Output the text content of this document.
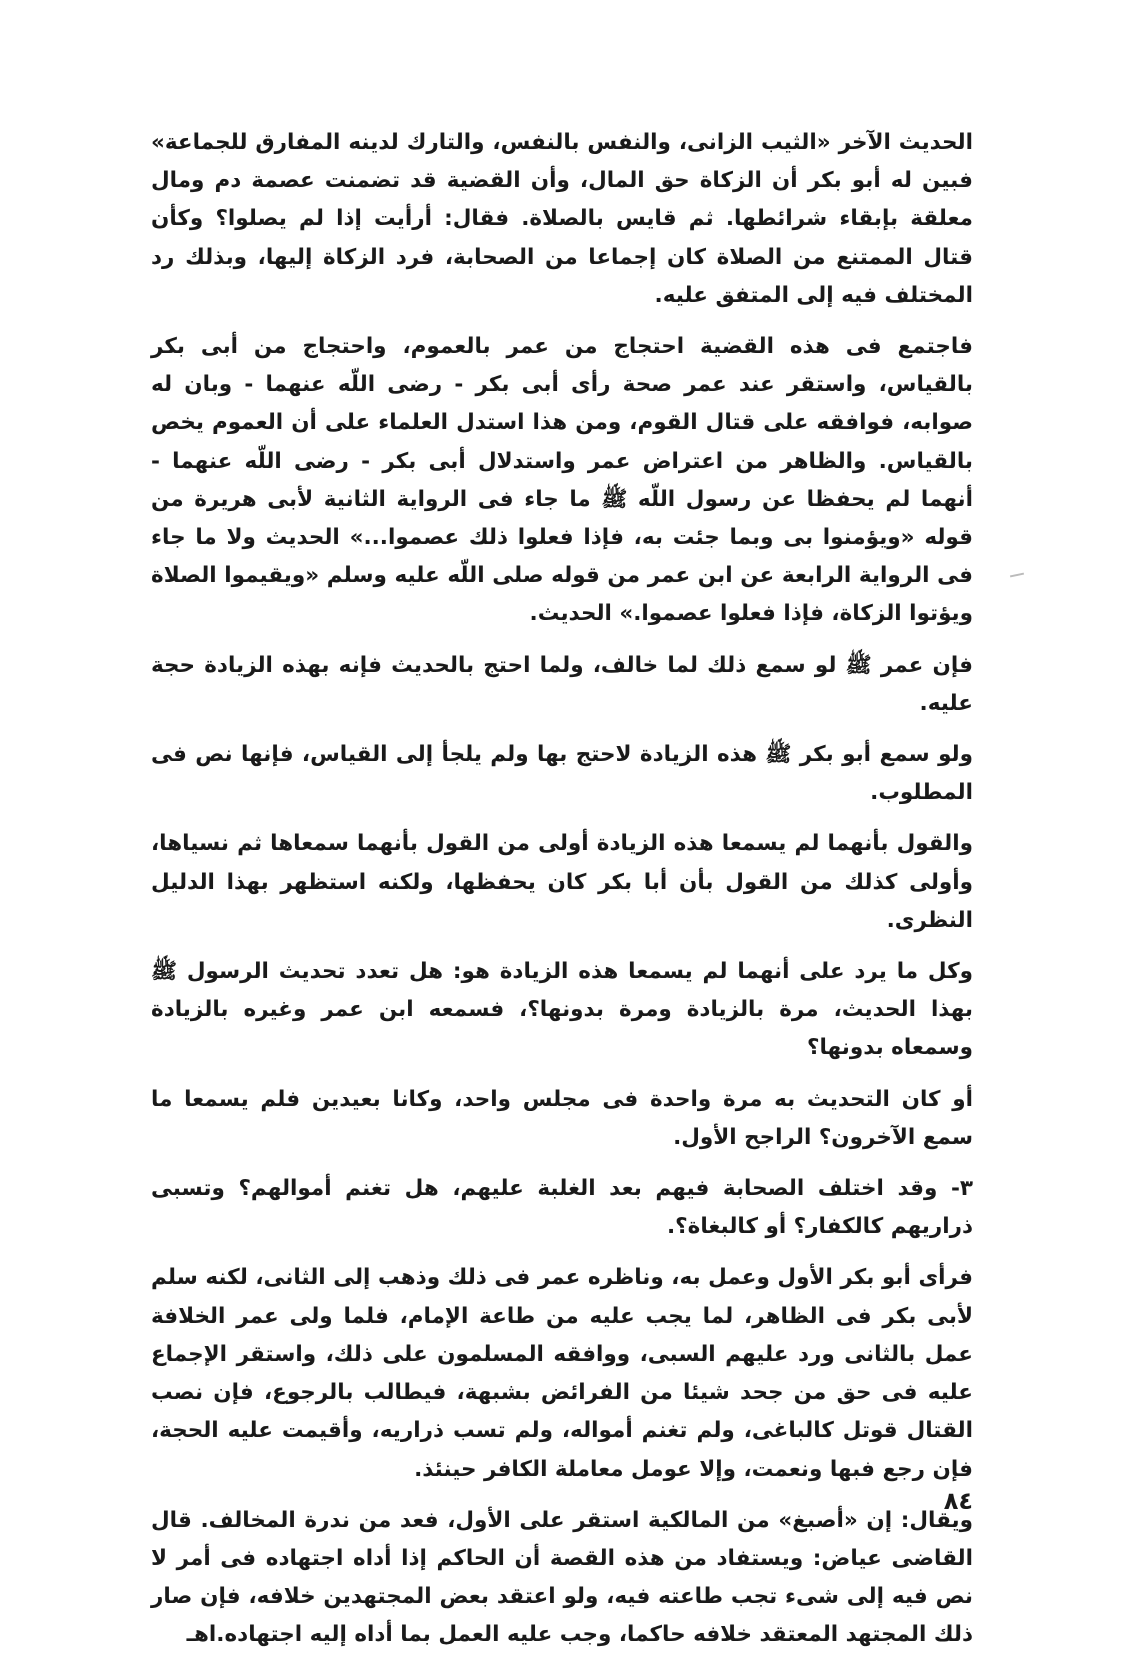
الحديث الآخر «الثيب الزانى، والنفس بالنفس، والتارك لدينه المفارق للجماعة» فبين له أبو بكر أن الزكاة حق المال، وأن القضية قد تضمنت عصمة دم ومال معلقة بإبقاء شرائطها. ثم قايس بالصلاة. فقال: أرأيت إذا لم يصلوا؟ وكأن قتال الممتنع من الصلاة كان إجماعا من الصحابة، فرد الزكاة إليها، وبذلك رد المختلف فيه إلى المتفق عليه.

فاجتمع فى هذه القضية احتجاج من عمر بالعموم، واحتجاج من أبى بكر بالقياس، واستقر عند عمر صحة رأى أبى بكر - رضى اللّه عنهما - وبان له صوابه، فوافقه على قتال القوم، ومن هذا استدل العلماء على أن العموم يخص بالقياس. والظاهر من اعتراض عمر واستدلال أبى بكر - رضى اللّه عنهما - أنهما لم يحفظا عن رسول اللّه ﷺ ما جاء فى الرواية الثانية لأبى هريرة من قوله «ويؤمنوا بى وبما جئت به، فإذا فعلوا ذلك عصموا...» الحديث ولا ما جاء فى الرواية الرابعة عن ابن عمر من قوله صلى اللّه عليه وسلم «ويقيموا الصلاة ويؤتوا الزكاة، فإذا فعلوا عصموا.» الحديث.

فإن عمر ﷺ لو سمع ذلك لما خالف، ولما احتج بالحديث فإنه بهذه الزيادة حجة عليه.

ولو سمع أبو بكر ﷺ هذه الزيادة لاحتج بها ولم يلجأ إلى القياس، فإنها نص فى المطلوب.

والقول بأنهما لم يسمعا هذه الزيادة أولى من القول بأنهما سمعاها ثم نسياها، وأولى كذلك من القول بأن أبا بكر كان يحفظها، ولكنه استظهر بهذا الدليل النظرى.

وكل ما يرد على أنهما لم يسمعا هذه الزيادة هو: هل تعدد تحديث الرسول ﷺ بهذا الحديث، مرة بالزيادة ومرة بدونها؟، فسمعه ابن عمر وغيره بالزيادة وسمعاه بدونها؟

أو كان التحديث به مرة واحدة فى مجلس واحد، وكانا بعيدين فلم يسمعا ما سمع الآخرون؟ الراجح الأول.

٣- وقد اختلف الصحابة فيهم بعد الغلبة عليهم، هل تغنم أموالهم؟ وتسبى ذراريهم كالكفار؟ أو كالبغاة؟.

فرأى أبو بكر الأول وعمل به، وناظره عمر فى ذلك وذهب إلى الثانى، لكنه سلم لأبى بكر فى الظاهر، لما يجب عليه من طاعة الإمام، فلما ولى عمر الخلافة عمل بالثانى ورد عليهم السبى، ووافقه المسلمون على ذلك، واستقر الإجماع عليه فى حق من جحد شيئا من الفرائض بشبهة، فيطالب بالرجوع، فإن نصب القتال قوتل كالباغى، ولم تغنم أمواله، ولم تسب ذراريه، وأقيمت عليه الحجة، فإن رجع فبها ونعمت، وإلا عومل معاملة الكافر حينئذ.

ويقال: إن «أصبغ» من المالكية استقر على الأول، فعد من ندرة المخالف. قال القاضى عياض: ويستفاد من هذه القصة أن الحاكم إذا أداه اجتهاده فى أمر لا نص فيه إلى شىء تجب طاعته فيه، ولو اعتقد بعض المجتهدين خلافه، فإن صار ذلك المجتهد المعتقد خلافه حاكما، وجب عليه العمل بما أداه إليه اجتهاده.اهـ

٨٤
